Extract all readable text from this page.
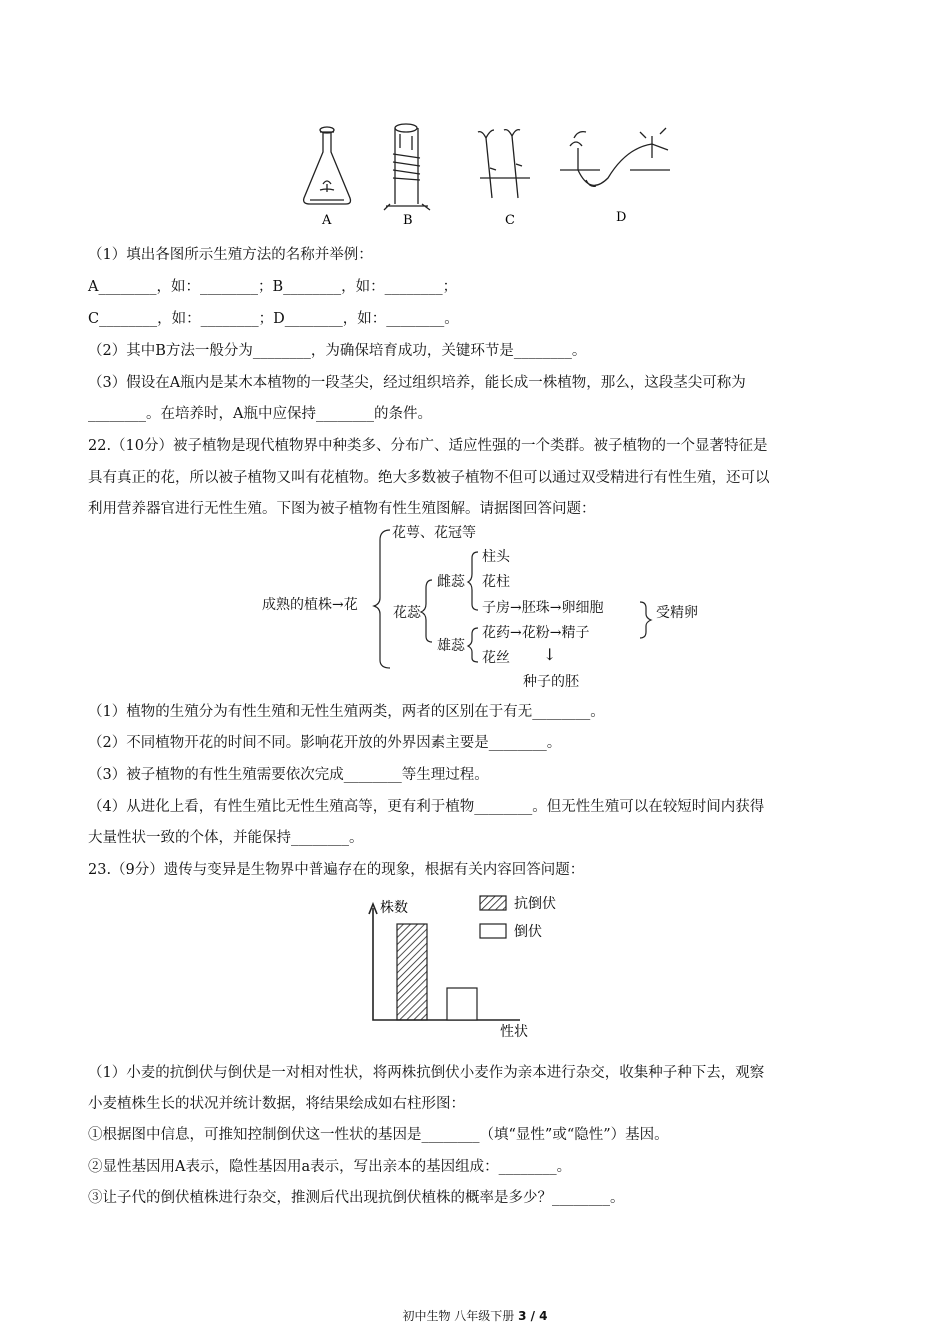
A	B	C	D
（1）填出各图所示生殖方法的名称并举例：
A________，如：________；B________，如：________；
C________，如：________；D________，如：________。
（2）其中B方法一般分为________，为确保培育成功，关键环节是________。
（3）假设在A瓶内是某木本植物的一段茎尖，经过组织培养，能长成一株植物，那么，这段茎尖可称为
________。在培养时，A瓶中应保持________的条件。
22.（10分）被子植物是现代植物界中种类多、分布广、适应性强的一个类群。被子植物的一个显著特征是
具有真正的花，所以被子植物又叫有花植物。绝大多数被子植物不但可以通过双受精进行有性生殖，还可以
利用营养器官进行无性生殖。下图为被子植物有性生殖图解。请据图回答问题：
成熟的植株→花
花萼、花冠等
花蕊
雌蕊
柱头
花柱
子房→胚珠→卵细胞
雄蕊
花药→花粉→精子
花丝
受精卵
↓
种子的胚
（1）植物的生殖分为有性生殖和无性生殖两类，两者的区别在于有无________。
（2）不同植物开花的时间不同。影响花开放的外界因素主要是________。
（3）被子植物的有性生殖需要依次完成________等生理过程。
（4）从进化上看，有性生殖比无性生殖高等，更有利于植物________。但无性生殖可以在较短时间内获得
大量性状一致的个体，并能保持________。
23.（9分）遗传与变异是生物界中普遍存在的现象，根据有关内容回答问题：
株数
性状
抗倒伏
倒伏
（1）小麦的抗倒伏与倒伏是一对相对性状，将两株抗倒伏小麦作为亲本进行杂交，收集种子种下去，观察
小麦植株生长的状况并统计数据，将结果绘成如右柱形图：
①根据图中信息，可推知控制倒伏这一性状的基因是________（填“显性”或“隐性”）基因。
②显性基因用A表示，隐性基因用a表示，写出亲本的基因组成：________。
③让子代的倒伏植株进行杂交，推测后代出现抗倒伏植株的概率是多少？________。
初中生物 八年级下册 3 / 4
